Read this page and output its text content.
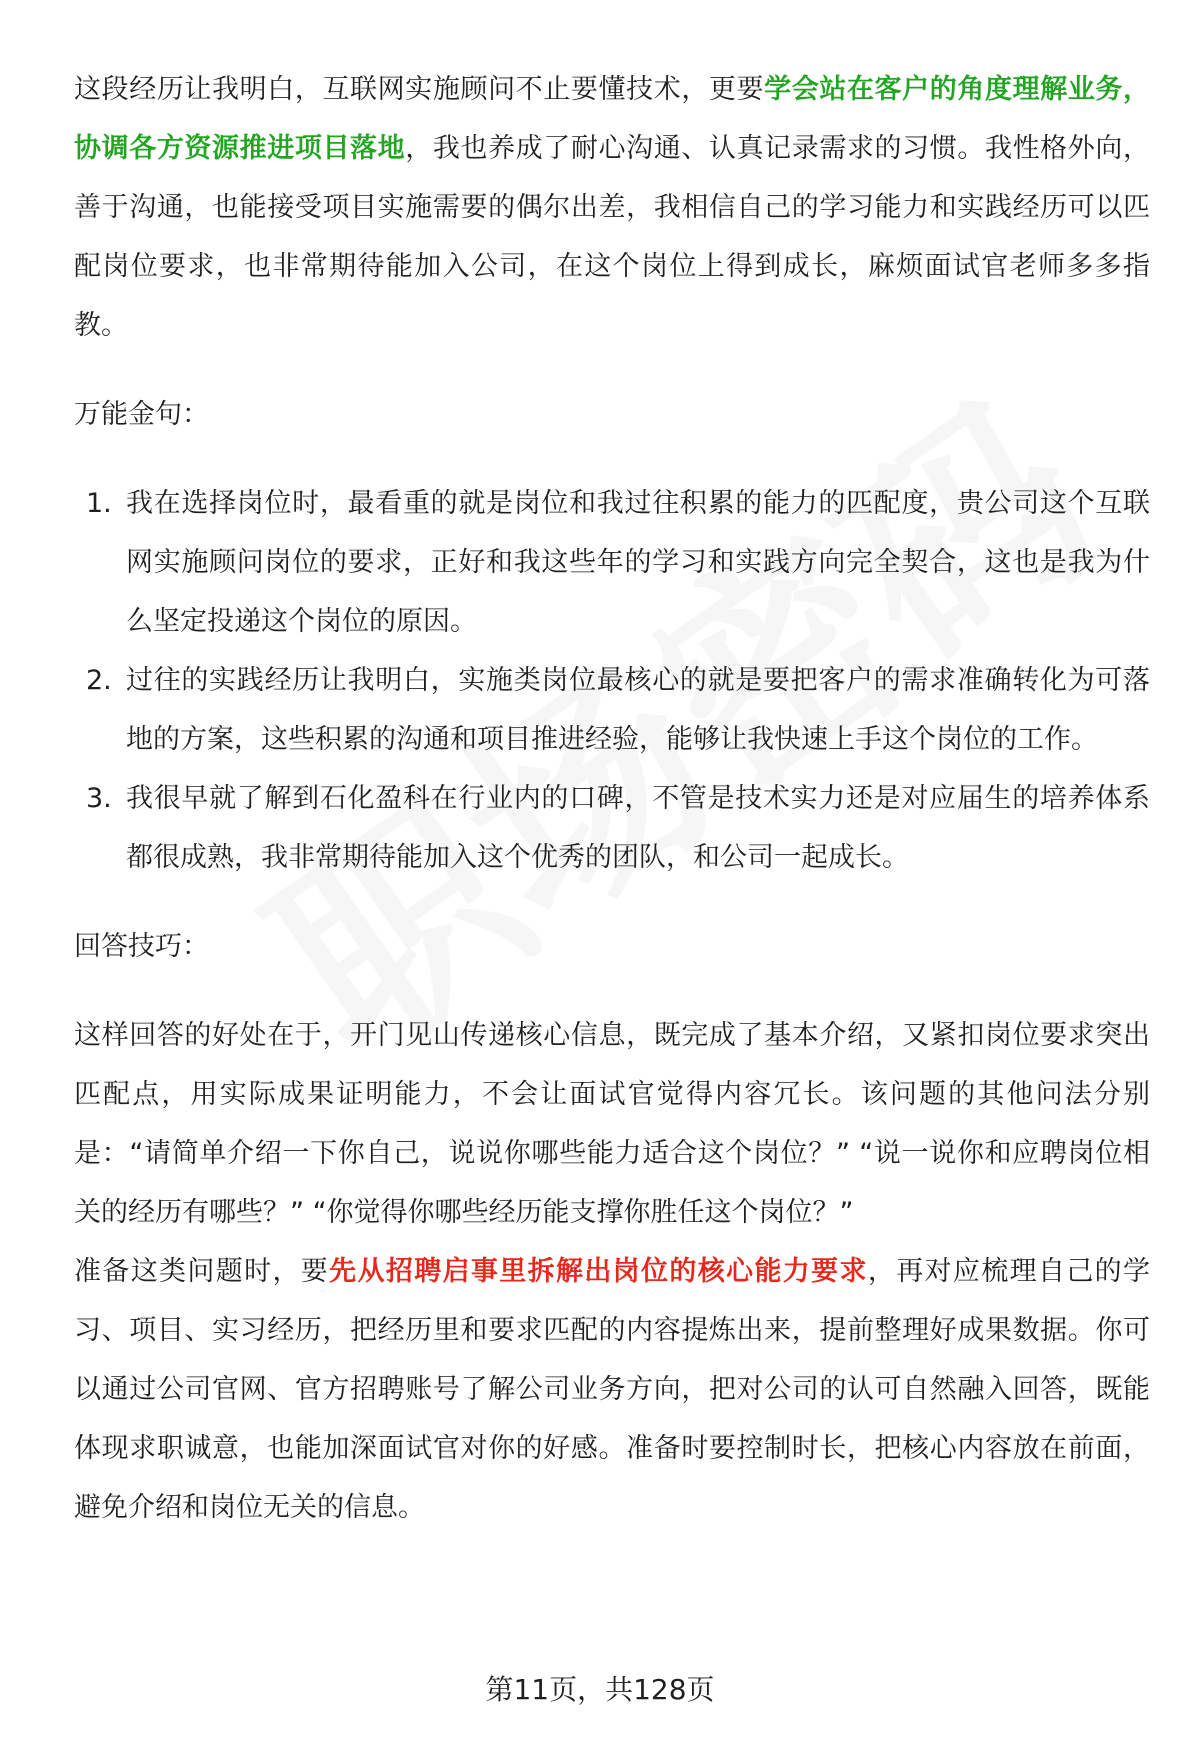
这段经历让我明白，互联网实施顾问不止要懂技术，更要学会站在客户的角度理解业务，协调各方资源推进项目落地，我也养成了耐心沟通、认真记录需求的习惯。我性格外向，善于沟通，也能接受项目实施需要的偶尔出差，我相信自己的学习能力和实践经历可以匹配岗位要求，也非常期待能加入公司，在这个岗位上得到成长，麻烦面试官老师多多指教。

万能金句：

1. 我在选择岗位时，最看重的就是岗位和我过往积累的能力的匹配度，贵公司这个互联网实施顾问岗位的要求，正好和我这些年的学习和实践方向完全契合，这也是我为什么坚定投递这个岗位的原因。
2. 过往的实践经历让我明白，实施类岗位最核心的就是要把客户的需求准确转化为可落地的方案，这些积累的沟通和项目推进经验，能够让我快速上手这个岗位的工作。
3. 我很早就了解到石化盈科在行业内的口碑，不管是技术实力还是对应届生的培养体系都很成熟，我非常期待能加入这个优秀的团队，和公司一起成长。

回答技巧：

这样回答的好处在于，开门见山传递核心信息，既完成了基本介绍，又紧扣岗位要求突出匹配点，用实际成果证明能力，不会让面试官觉得内容冗长。该问题的其他问法分别是：“请简单介绍一下你自己，说说你哪些能力适合这个岗位？” “说一说你和应聘岗位相关的经历有哪些？” “你觉得你哪些经历能支撑你胜任这个岗位？”

准备这类问题时，要先从招聘启事里拆解出岗位的核心能力要求，再对应梳理自己的学习、项目、实习经历，把经历里和要求匹配的内容提炼出来，提前整理好成果数据。你可以通过公司官网、官方招聘账号了解公司业务方向，把对公司的认可自然融入回答，既能体现求职诚意，也能加深面试官对你的好感。准备时要控制时长，把核心内容放在前面，避免介绍和岗位无关的信息。

第11页，共128页
